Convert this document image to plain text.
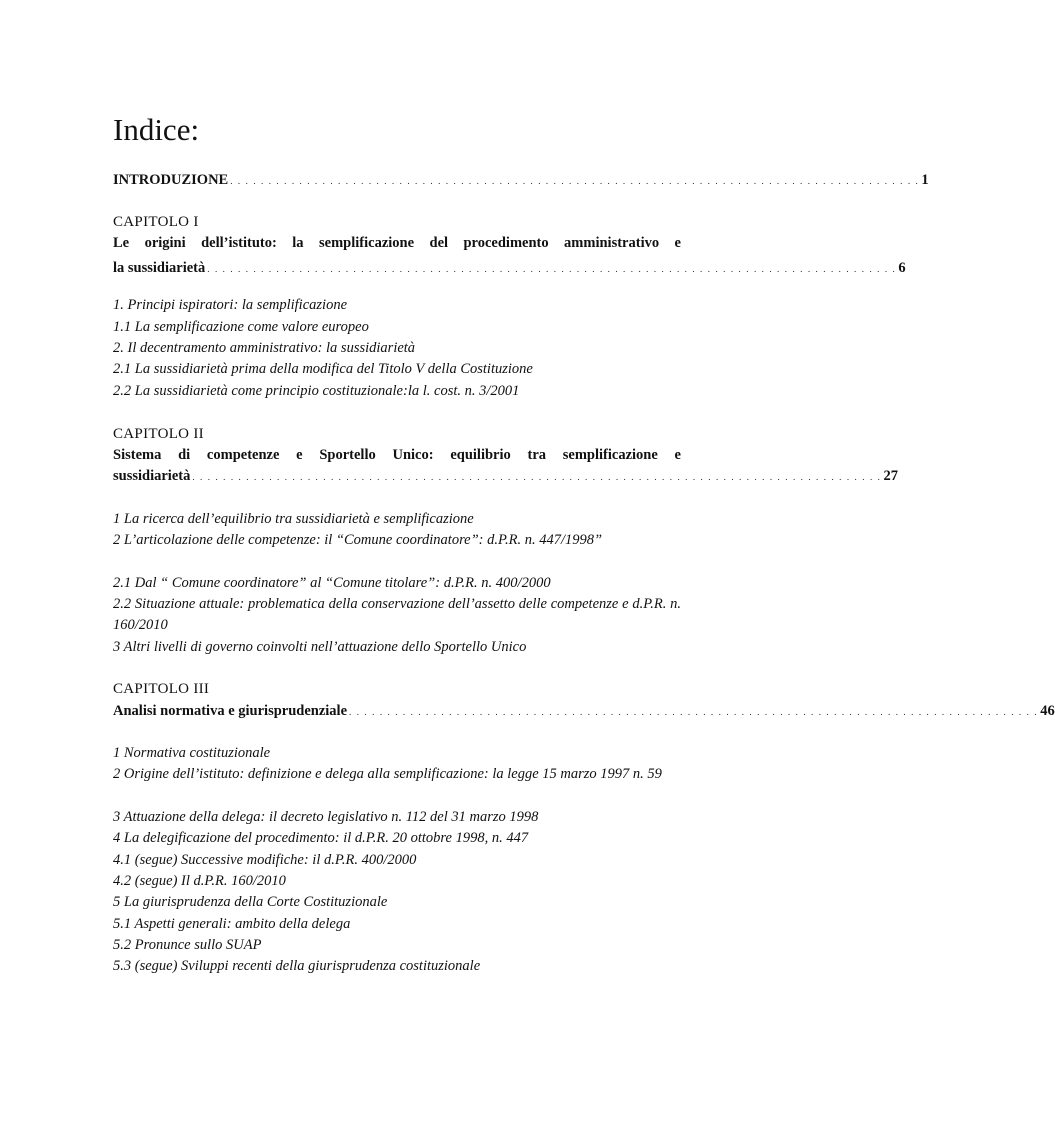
Indice:
INTRODUZIONE . . . . . . . . . . . . . . . . . . . . . . . . . . . . . . . . . . . . . . . . . . . . . . . . . . . . . . . . . . . . . . . . . . . . . . . . . . . . . . . . . . . . . . . . . . 1
CAPITOLO I
Le origini dell’istituto: la semplificazione del procedimento amministrativo e
la sussidiarietà . . . . . . . . . . . . . . . . . . . . . . . . . . . . . . . . . . . . . . . . . . . . . . . . . . . . . . . . . . . . . . . . . . . . . . . . . . . . . . . . . . . . . . . . . . 6
1. Principi ispiratori: la semplificazione
1.1 La semplificazione come valore europeo
2. Il decentramento amministrativo: la sussidiarietà
2.1 La sussidiarietà prima della modifica del Titolo V della Costituzione
2.2 La sussidiarietà come principio costituzionale:la l. cost. n. 3/2001
CAPITOLO II
Sistema di competenze e Sportello Unico: equilibrio tra semplificazione e
sussidiarietà . . . . . . . . . . . . . . . . . . . . . . . . . . . . . . . . . . . . . . . . . . . . . . . . . . . . . . . . . . . . . . . . . . . . . . . . . . . . . . . . . . . . . . . . . . 27
1 La ricerca dell’equilibrio tra sussidiarietà e semplificazione
2 L’articolazione delle competenze: il “Comune coordinatore”: d.P.R. n. 447/1998”
2.1 Dal “ Comune coordinatore” al “Comune titolare”: d.P.R. n. 400/2000
2.2 Situazione attuale: problematica della conservazione dell’assetto delle competenze e d.P.R. n. 160/2010
3 Altri livelli di governo coinvolti nell’attuazione dello Sportello Unico
CAPITOLO III
Analisi normativa e giurisprudenziale . . . . . . . . . . . . . . . . . . . . . . . . . . . . . . . . . . . . . . . . . . . . . . . . . . . . . . . . . . . . . . . . . . . . . . . . . . . . . . . . . . . . . . . . . . 46
1 Normativa costituzionale
2 Origine dell’istituto: definizione e delega alla semplificazione: la legge 15 marzo 1997 n. 59
3 Attuazione della delega: il decreto legislativo n. 112 del 31 marzo 1998
4 La delegificazione del procedimento: il d.P.R. 20 ottobre 1998, n. 447
4.1 (segue) Successive modifiche: il d.P.R. 400/2000
4.2 (segue) Il d.P.R. 160/2010
5 La giurisprudenza della Corte Costituzionale
5.1 Aspetti generali: ambito della delega
5.2 Pronunce sullo SUAP
5.3 (segue) Sviluppi recenti della giurisprudenza costituzionale
